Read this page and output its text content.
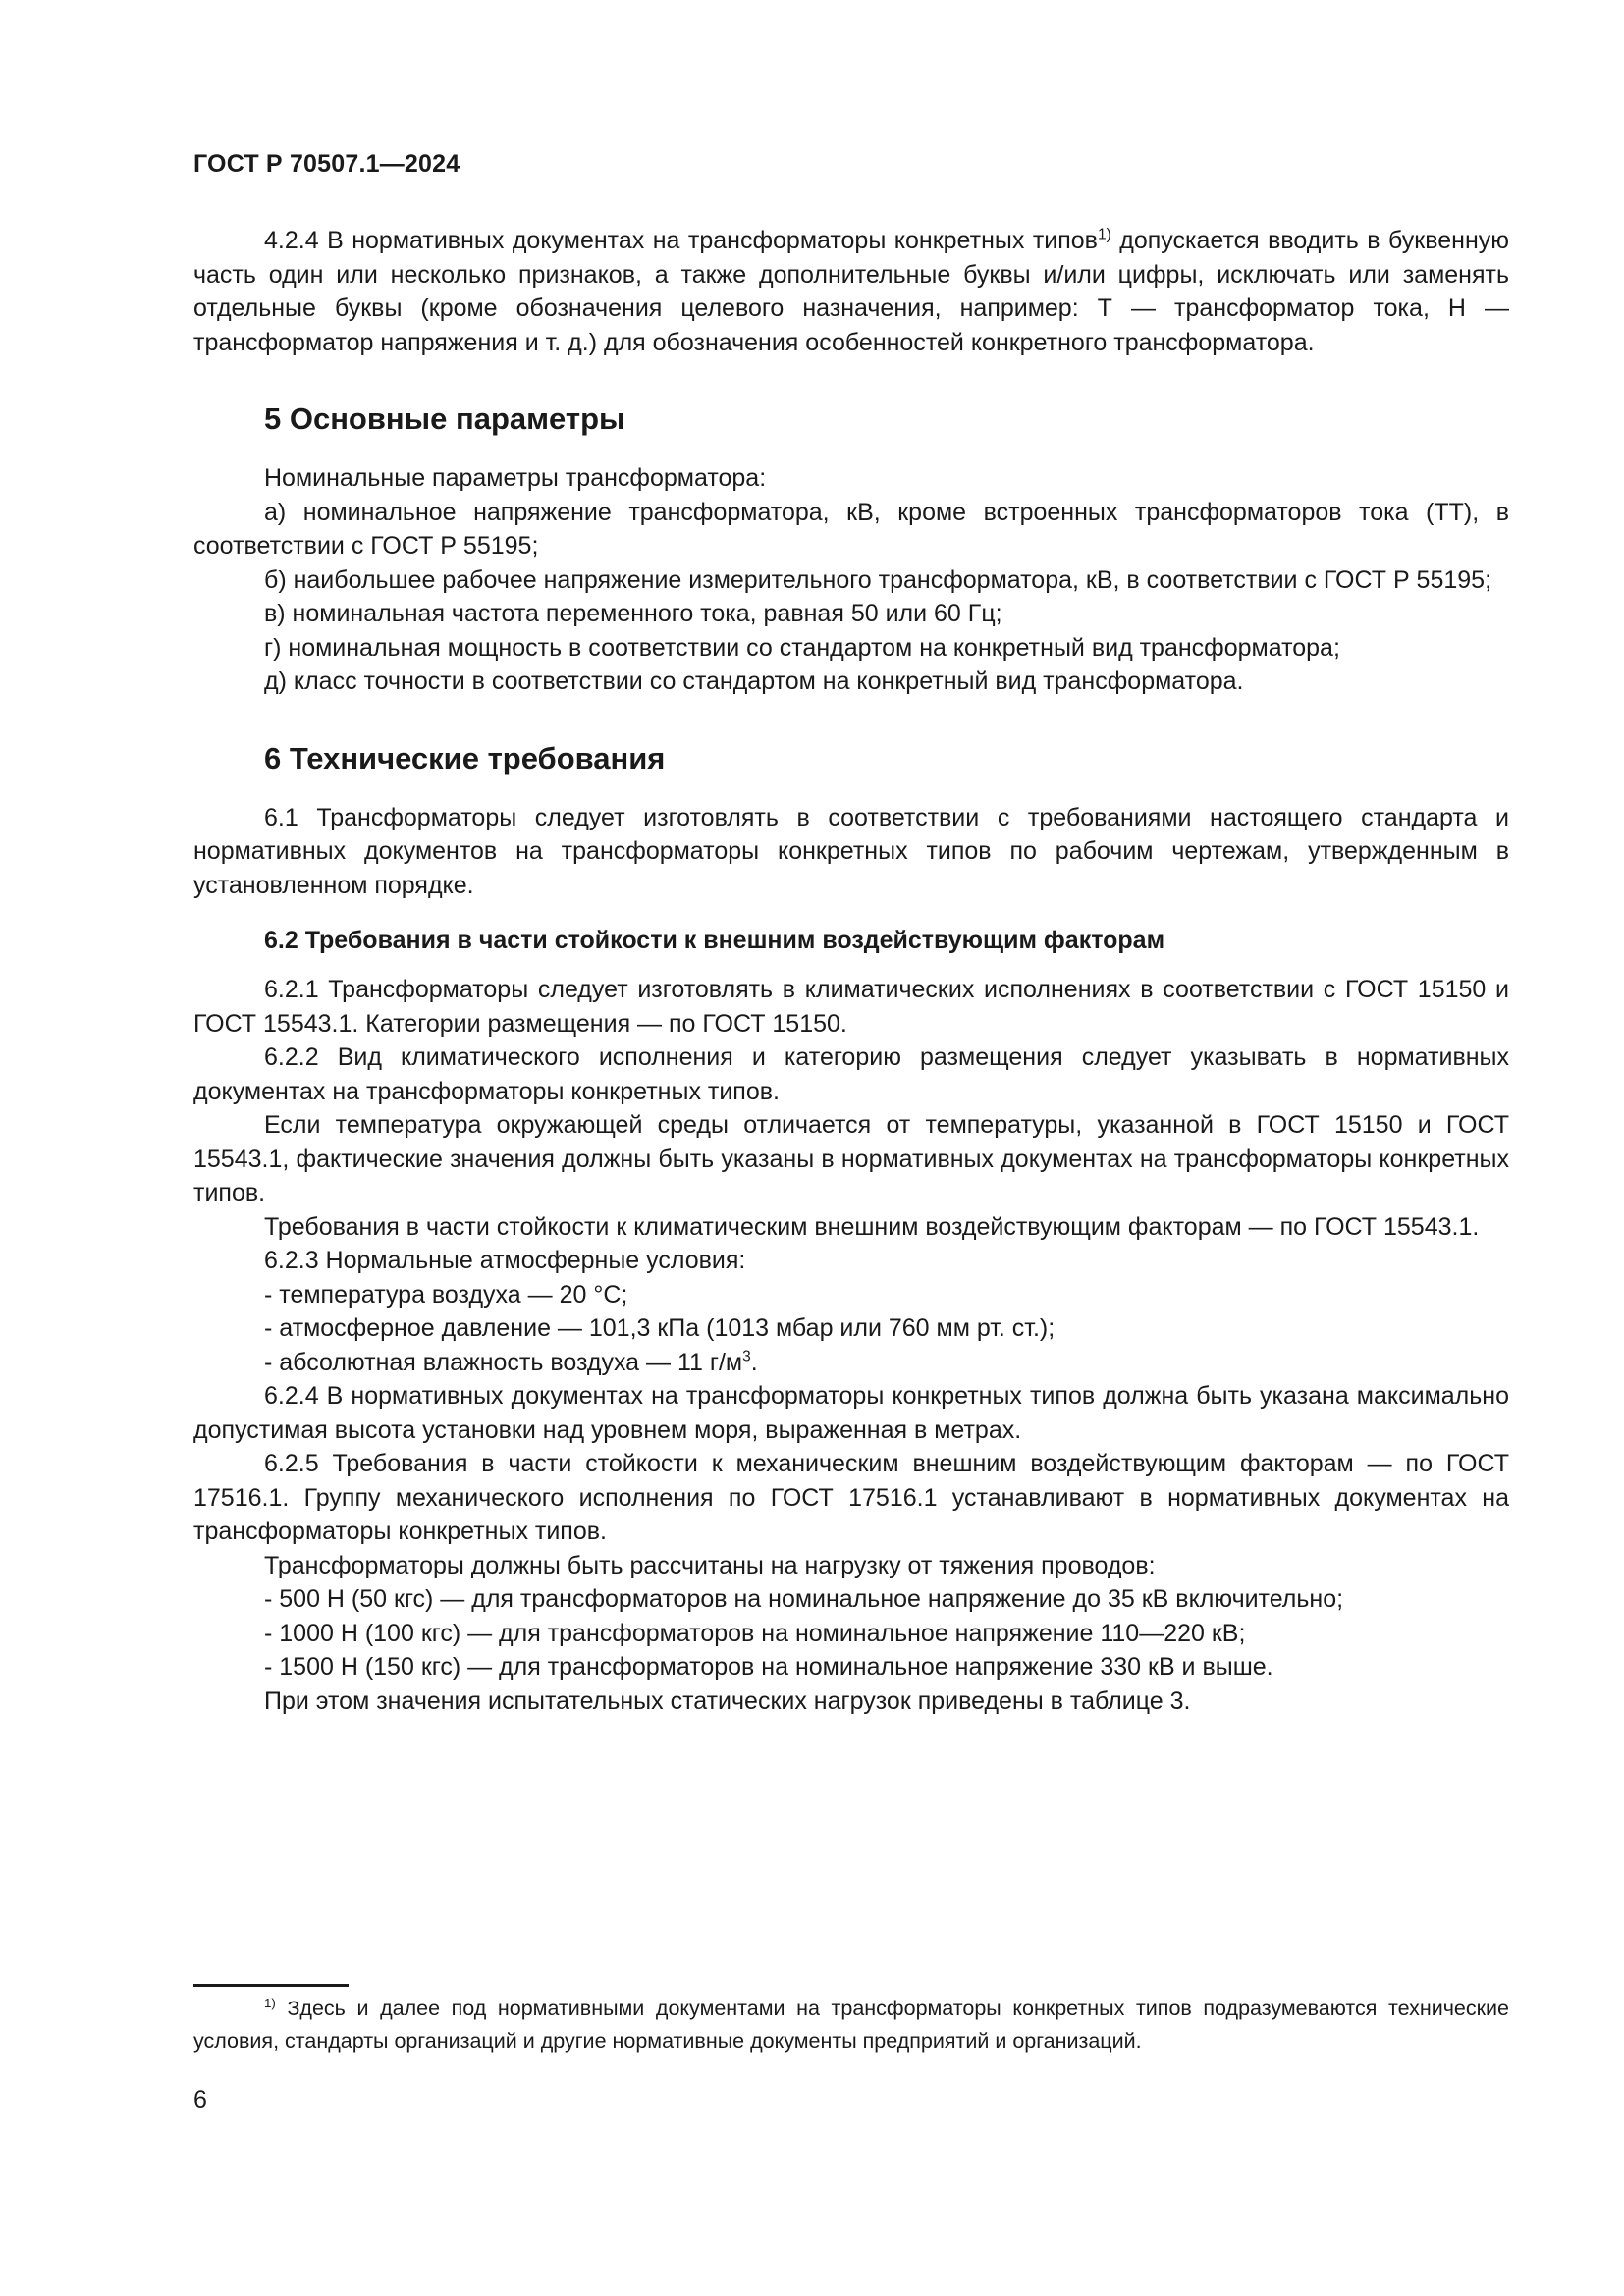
ГОСТ Р 70507.1—2024

4.2.4 В нормативных документах на трансформаторы конкретных типов$^{1)}$ допускается вводить в буквенную часть один или несколько признаков, а также дополнительные буквы и/или цифры, исключать или заменять отдельные буквы (кроме обозначения целевого назначения, например: Т — трансформатор тока, Н — трансформатор напряжения и т. д.) для обозначения особенностей конкретного трансформатора.

5 Основные параметры

Номинальные параметры трансформатора:

а) номинальное напряжение трансформатора, кВ, кроме встроенных трансформаторов тока (ТТ), в соответствии с ГОСТ Р 55195;

б) наибольшее рабочее напряжение измерительного трансформатора, кВ, в соответствии с ГОСТ Р 55195;

в) номинальная частота переменного тока, равная 50 или 60 Гц;

г) номинальная мощность в соответствии со стандартом на конкретный вид трансформатора;

д) класс точности в соответствии со стандартом на конкретный вид трансформатора.

6 Технические требования

6.1 Трансформаторы следует изготовлять в соответствии с требованиями настоящего стандарта и нормативных документов на трансформаторы конкретных типов по рабочим чертежам, утвержденным в установленном порядке.

6.2 Требования в части стойкости к внешним воздействующим факторам

6.2.1 Трансформаторы следует изготовлять в климатических исполнениях в соответствии с ГОСТ 15150 и ГОСТ 15543.1. Категории размещения — по ГОСТ 15150.

6.2.2 Вид климатического исполнения и категорию размещения следует указывать в нормативных документах на трансформаторы конкретных типов.

Если температура окружающей среды отличается от температуры, указанной в ГОСТ 15150 и ГОСТ 15543.1, фактические значения должны быть указаны в нормативных документах на трансформаторы конкретных типов.

Требования в части стойкости к климатическим внешним воздействующим факторам — по ГОСТ 15543.1.

6.2.3 Нормальные атмосферные условия:

- температура воздуха — 20 °С;

- атмосферное давление — 101,3 кПа (1013 мбар или 760 мм рт. ст.);

- абсолютная влажность воздуха — 11 $г/м^3$.

6.2.4 В нормативных документах на трансформаторы конкретных типов должна быть указана максимально допустимая высота установки над уровнем моря, выраженная в метрах.

6.2.5 Требования в части стойкости к механическим внешним воздействующим факторам — по ГОСТ 17516.1. Группу механического исполнения по ГОСТ 17516.1 устанавливают в нормативных документах на трансформаторы конкретных типов.

Трансформаторы должны быть рассчитаны на нагрузку от тяжения проводов:

- 500 Н (50 кгс) — для трансформаторов на номинальное напряжение до 35 кВ включительно;

- 1000 Н (100 кгс) — для трансформаторов на номинальное напряжение 110—220 кВ;

- 1500 Н (150 кгс) — для трансформаторов на номинальное напряжение 330 кВ и выше.

При этом значения испытательных статических нагрузок приведены в таблице 3.

$^{1)}$ Здесь и далее под нормативными документами на трансформаторы конкретных типов подразумеваются технические условия, стандарты организаций и другие нормативные документы предприятий и организаций.
6
